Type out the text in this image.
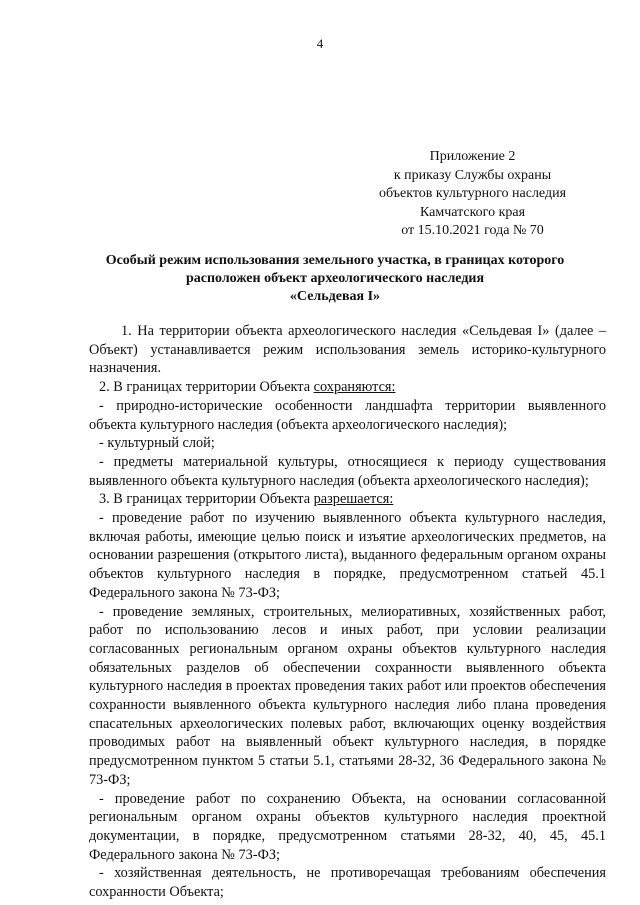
4
Приложение 2
к приказу Службы охраны
объектов культурного наследия
Камчатского края
от 15.10.2021 года № 70
Особый режим использования земельного участка, в границах которого
расположен объект археологического наследия
«Сельдевая I»

1. На территории объекта археологического наследия «Сельдевая I» (далее – Объект) устанавливается режим использования земель историко-культурного назначения.

2. В границах территории Объекта сохраняются:

- природно-исторические особенности ландшафта территории выявленного объекта культурного наследия (объекта археологического наследия);

- культурный слой;

- предметы материальной культуры, относящиеся к периоду существования выявленного объекта культурного наследия (объекта археологического наследия);

3. В границах территории Объекта разрешается:

- проведение работ по изучению выявленного объекта культурного наследия, включая работы, имеющие целью поиск и изъятие археологических предметов, на основании разрешения (открытого листа), выданного федеральным органом охраны объектов культурного наследия в порядке, предусмотренном статьей 45.1 Федерального закона № 73-ФЗ;

- проведение земляных, строительных, мелиоративных, хозяйственных работ, работ по использованию лесов и иных работ, при условии реализации согласованных региональным органом охраны объектов культурного наследия обязательных разделов об обеспечении сохранности выявленного объекта культурного наследия в проектах проведения таких работ или проектов обеспечения сохранности выявленного объекта культурного наследия либо плана проведения спасательных археологических полевых работ, включающих оценку воздействия проводимых работ на выявленный объект культурного наследия, в порядке предусмотренном пунктом 5 статьи 5.1, статьями 28-32, 36 Федерального закона № 73-ФЗ;

- проведение работ по сохранению Объекта, на основании согласованной региональным органом охраны объектов культурного наследия проектной документации, в порядке, предусмотренном статьями 28-32, 40, 45, 45.1 Федерального закона № 73-ФЗ;

- хозяйственная деятельность, не противоречащая требованиям обеспечения сохранности Объекта;
